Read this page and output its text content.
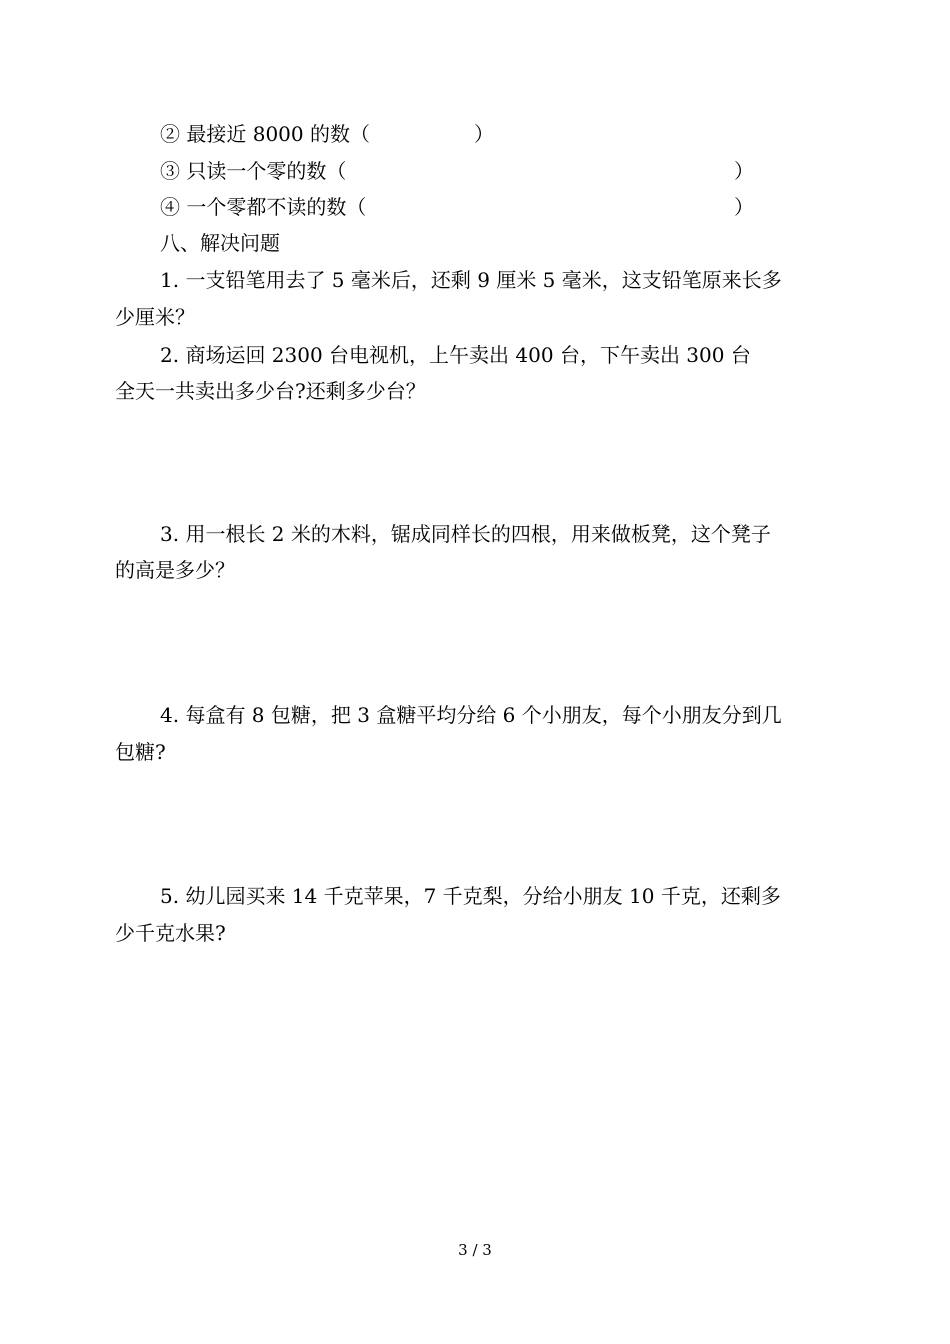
② 最接近 8000 的数（	）
③ 只读一个零的数（	）
④ 一个零都不读的数（	）
八、解决问题
1. 一支铅笔用去了 5 毫米后，还剩 9 厘米 5 毫米，这支铅笔原来长多
少厘米？
2. 商场运回 2300 台电视机，上午卖出 400 台，下午卖出 300 台
全天一共卖出多少台?还剩多少台？
3. 用一根长 2 米的木料，锯成同样长的四根，用来做板凳，这个凳子
的高是多少？
4. 每盒有 8 包糖，把 3 盒糖平均分给 6 个小朋友，每个小朋友分到几
包糖?
5. 幼儿园买来 14 千克苹果，7 千克梨，分给小朋友 10 千克，还剩多
少千克水果?
3 / 3
